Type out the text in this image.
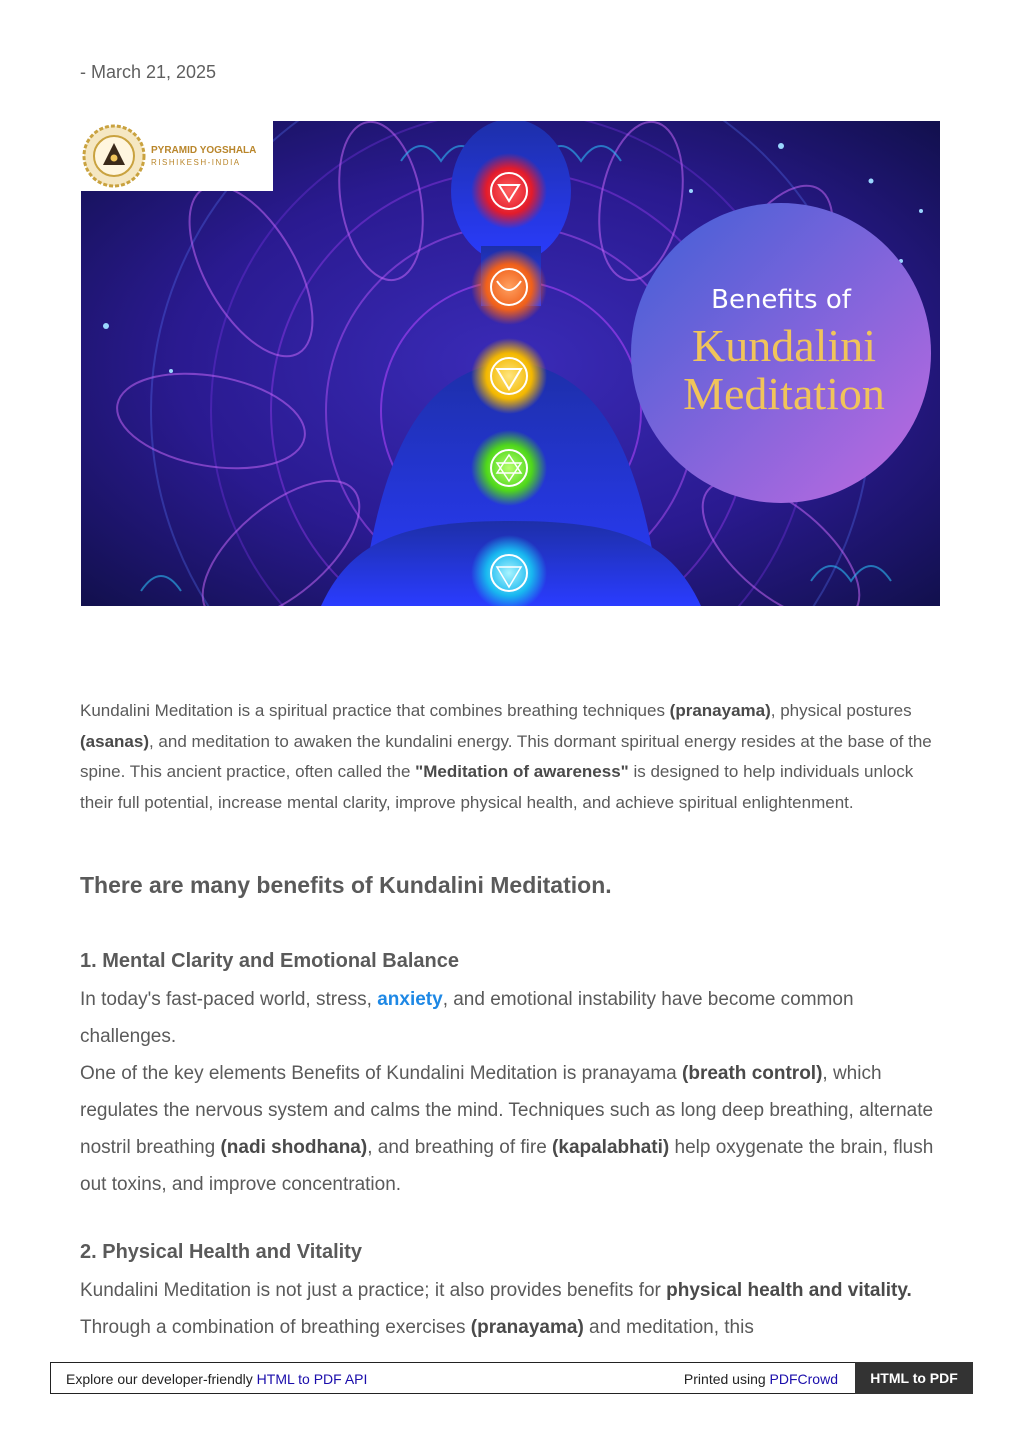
- March 21, 2025
PYRAMID YOGSHALA
RISHIKESH-INDIA
Benefits of
Kundalini
Meditation

Kundalini Meditation is a spiritual practice that combines breathing techniques (pranayama), physical postures (asanas), and meditation to awaken the kundalini energy. This dormant spiritual energy resides at the base of the spine. This ancient practice, often called the "Meditation of awareness" is designed to help individuals unlock their full potential, increase mental clarity, improve physical health, and achieve spiritual enlightenment.

There are many benefits of Kundalini Meditation.
1. Mental Clarity and Emotional Balance

In today's fast-paced world, stress, anxiety, and emotional instability have become common challenges.

One of the key elements Benefits of Kundalini Meditation is pranayama (breath control), which regulates the nervous system and calms the mind. Techniques such as long deep breathing, alternate nostril breathing (nadi shodhana), and breathing of fire (kapalabhati) help oxygenate the brain, flush out toxins, and improve concentration.

2. Physical Health and Vitality

Kundalini Meditation is not just a practice; it also provides benefits for physical health and vitality. Through a combination of breathing exercises (pranayama) and meditation, this

Explore our developer-friendly HTML to PDF API	Printed using PDFCrowd	HTML to PDF
